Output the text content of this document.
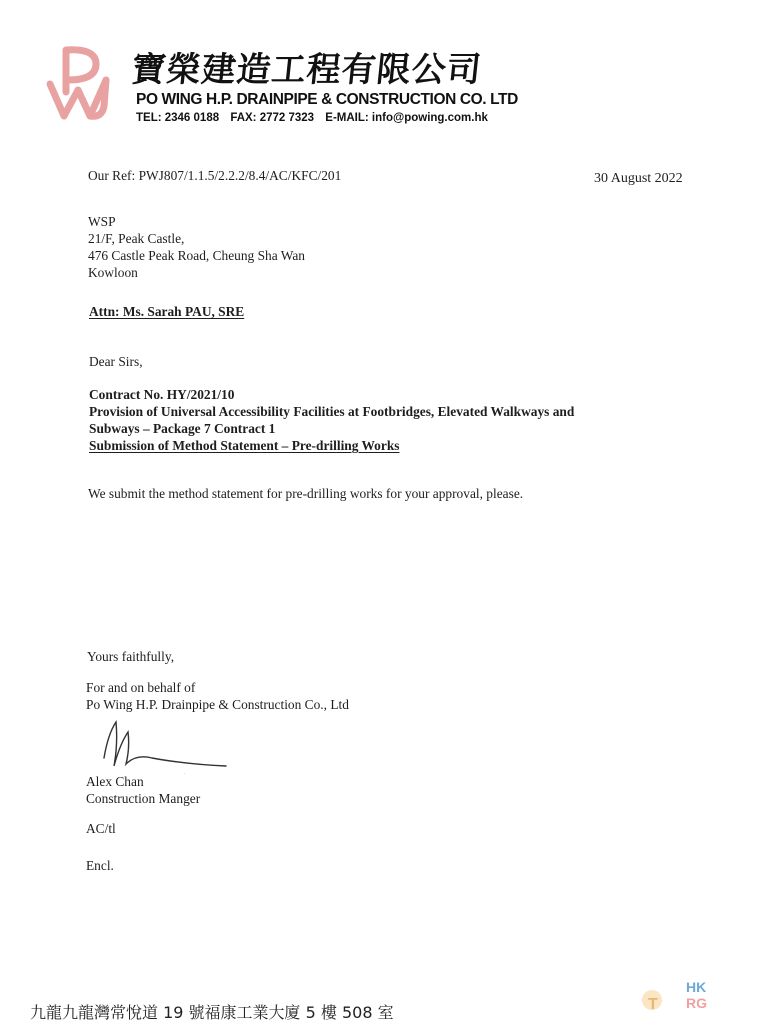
寶榮建造工程有限公司
PO WING H.P. DRAINPIPE & CONSTRUCTION CO. LTD
TEL: 2346 0188 FAX: 2772 7323 E-MAIL: info@powing.com.hk
Our Ref: PWJ807/1.1.5/2.2.2/8.4/AC/KFC/201	30 August 2022
WSP
21/F, Peak Castle,
476 Castle Peak Road, Cheung Sha Wan
Kowloon
Attn: Ms. Sarah PAU, SRE
Dear Sirs,
Contract No. HY/2021/10
Provision of Universal Accessibility Facilities at Footbridges, Elevated Walkways and
Subways – Package 7 Contract 1
Submission of Method Statement – Pre-drilling Works
We submit the method statement for pre-drilling works for your approval, please.
Yours faithfully,
For and on behalf of
Po Wing H.P. Drainpipe & Construction Co., Ltd
Alex Chan
Construction Manger
AC/tl
Encl.
九龍九龍灣常悅道 19 號福康工業大廈 5 樓 508 室	T
HK
RG
